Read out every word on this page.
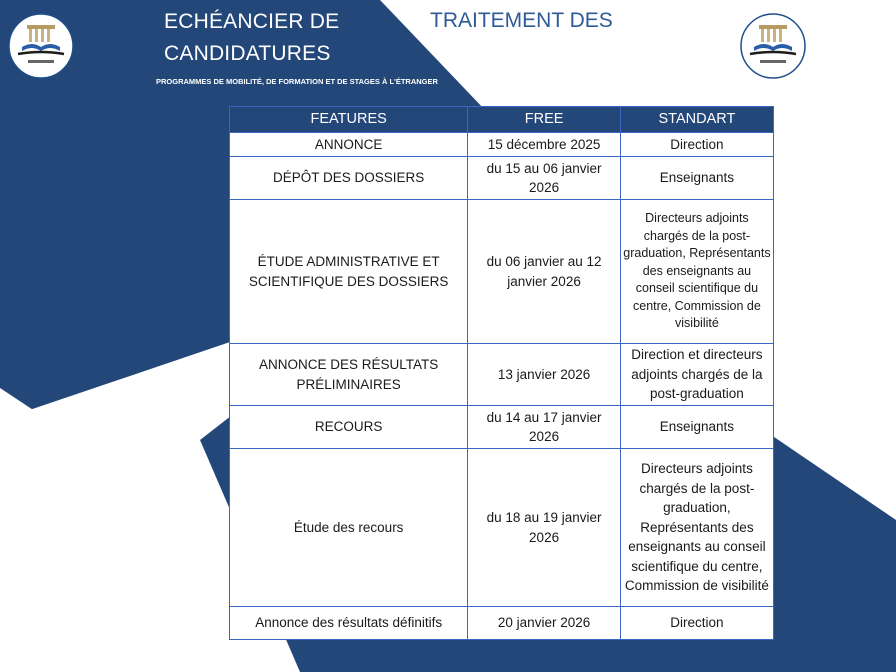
ECHÉANCIER DE
CANDIDATURES
PROGRAMMES DE MOBILITÉ, DE FORMATION ET DE STAGES À L'ÉTRANGER
TRAITEMENT DES
FEATURES	FREE	STANDART
ANNONCE	15 décembre 2025	Direction
DÉPÔT DES DOSSIERS	du 15 au 06 janvier 2026	Enseignants
ÉTUDE ADMINISTRATIVE ET SCIENTIFIQUE DES DOSSIERS	du 06 janvier au 12 janvier 2026	Directeurs adjoints chargés de la post-graduation, Représentants des enseignants au conseil scientifique du centre, Commission de visibilité
ANNONCE DES RÉSULTATS PRÉLIMINAIRES	13 janvier 2026	Direction et directeurs adjoints chargés de la post-graduation
RECOURS	du 14 au 17 janvier 2026	Enseignants
Étude des recours	du 18 au 19 janvier 2026	Directeurs adjoints chargés de la post-graduation, Représentants des enseignants au conseil scientifique du centre, Commission de visibilité
Annonce des résultats définitifs	20 janvier 2026	Direction
